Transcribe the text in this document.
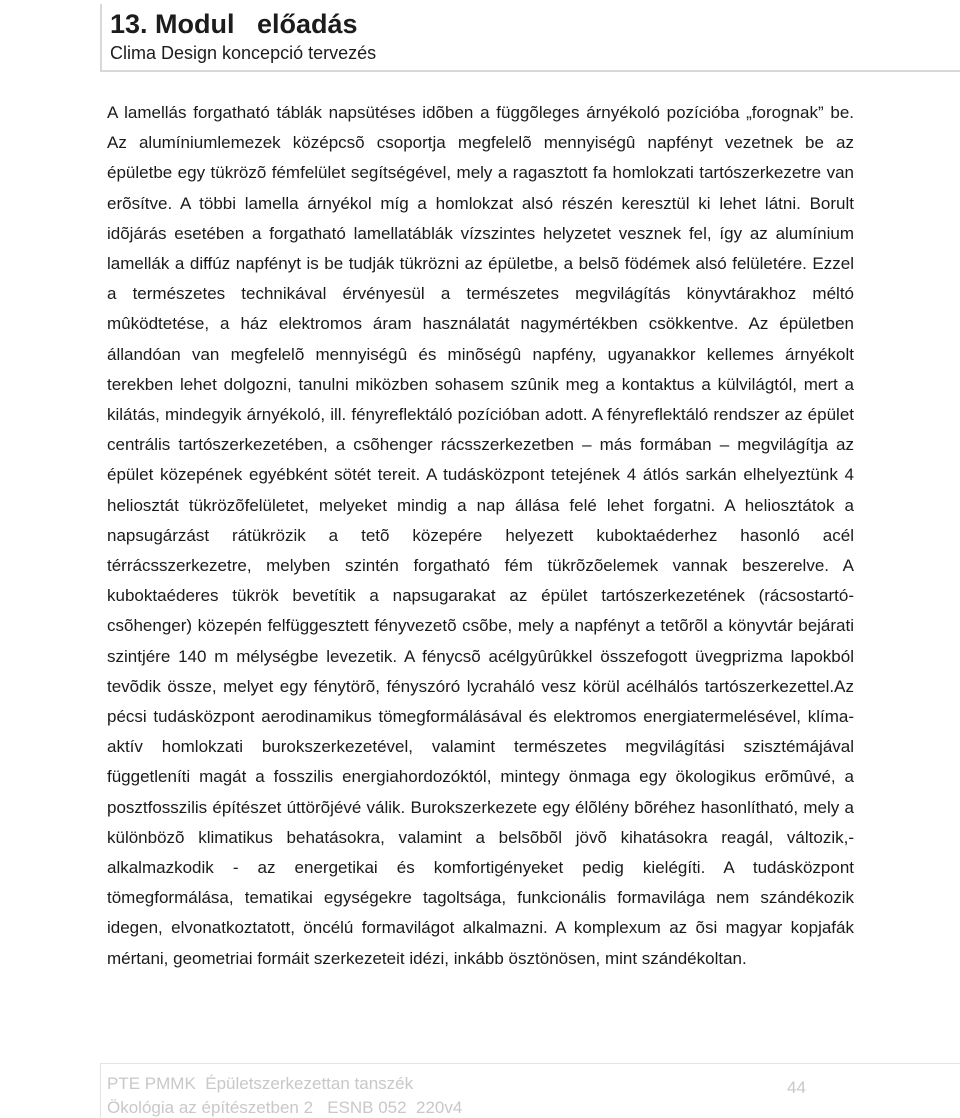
13. Modul   előadás
Clima Design koncepció tervezés

A lamellás forgatható táblák napsütéses idõben a függõleges árnyékoló pozícióba „forognak” be. Az alumíniumlemezek középcsõ csoportja megfelelõ mennyiségû napfényt vezetnek be az épületbe egy tükrözõ fémfelület segítségével, mely a ragasztott fa homlokzati tartószerkezetre van erõsítve. A többi lamella árnyékol míg a homlokzat alsó részén keresztül ki lehet látni. Borult idõjárás esetében a forgatható lamellatáblák vízszintes helyzetet vesznek fel, így az alumínium lamellák a diffúz napfényt is be tudják tükrözni az épületbe, a belsõ födémek alsó felületére. Ezzel a természetes technikával érvényesül a természetes megvilágítás könyvtárakhoz méltó mûködtetése, a ház elektromos áram használatát nagymértékben csökkentve. Az épületben állandóan van megfelelõ mennyiségû és minõségû napfény, ugyanakkor kellemes árnyékolt terekben lehet dolgozni, tanulni miközben sohasem szûnik meg a kontaktus a külvilágtól, mert a kilátás, mindegyik árnyékoló, ill. fényreflektáló pozícióban adott. A fényreflektáló rendszer az épület centrális tartószerkezetében, a csõhenger rácsszerkezetben – más formában – megvilágítja az épület közepének egyébként sötét tereit. A tudásközpont tetejének 4 átlós sarkán elhelyeztünk 4 heliosztát tükrözõfelületet, melyeket mindig a nap állása felé lehet forgatni. A heliosztátok a napsugárzást rátükrözik a tetõ közepére helyezett kuboktaéderhez hasonló acél térrácsszerkezetre, melyben szintén forgatható fém tükrõzõelemek vannak beszerelve. A kuboktaéderes tükrök bevetítik a napsugarakat az épület tartószerkezetének (rácsostartó-csõhenger) közepén felfüggesztett fényvezetõ csõbe, mely a napfényt a tetõrõl a könyvtár bejárati szintjére 140 m mélységbe levezetik. A fénycsõ acélgyûrûkkel összefogott üvegprizma lapokból tevõdik össze, melyet egy fénytörõ, fényszóró lycraháló vesz körül acélhálós tartószerkezettel.Az pécsi tudásközpont aerodinamikus tömegformálásával és elektromos energiatermelésével, klíma-aktív homlokzati burokszerkezetével, valamint természetes megvilágítási szisztémájával függetleníti magát a fosszilis energiahordozóktól, mintegy önmaga egy ökologikus erõmûvé, a posztfosszilis építészet úttörõjévé válik. Burokszerkezete egy élõlény bõréhez hasonlítható, mely a különbözõ klimatikus behatásokra, valamint a belsõbõl jövõ kihatásokra reagál, változik,- alkalmazkodik - az energetikai és komfortigényeket pedig kielégíti. A tudásközpont tömegformálása, tematikai egységekre tagoltsága, funkcionális formavilága nem szándékozik idegen, elvonatkoztatott, öncélú formavilágot alkalmazni. A komplexum az õsi magyar kopjafák mértani, geometriai formáit szerkezeteit idézi, inkább ösztönösen, mint szándékoltan.

PTE PMMK  Épületszerkezettan tanszék
Ökológia az építészetben 2   ESNB 052  220v4
44
